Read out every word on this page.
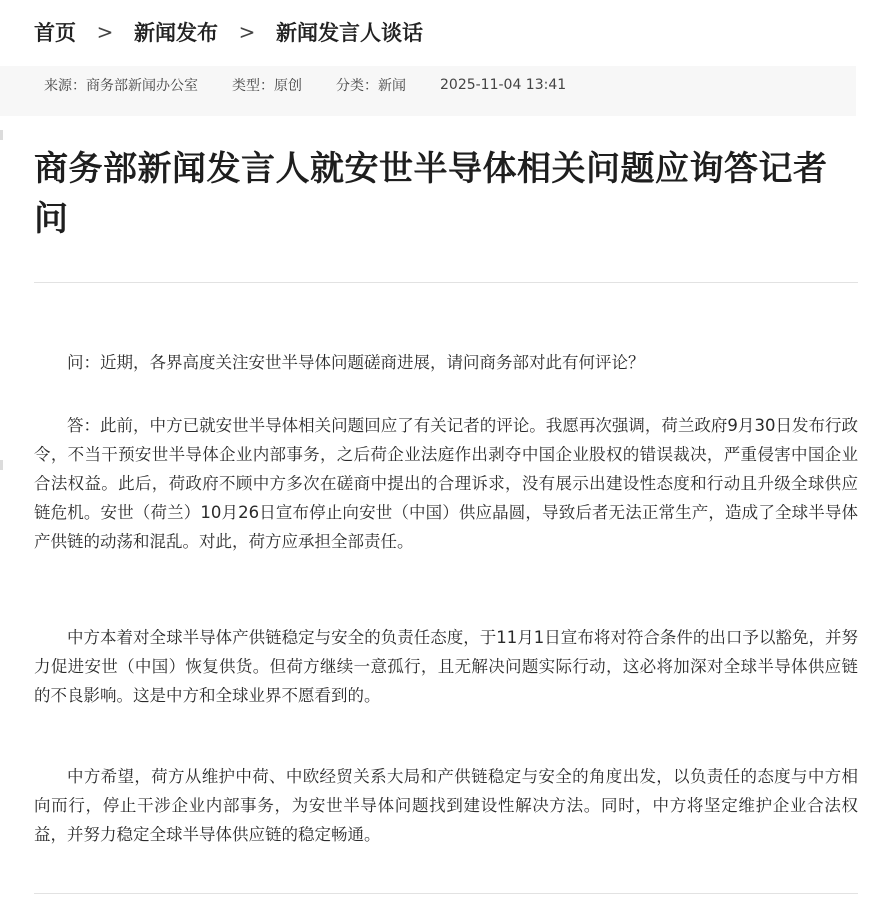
首页	> 新闻发布	> 新闻发言人谈话
来源：商务部新闻办公室 类型：原创 分类：新闻 2025-11-04 13:41
商务部新闻发言人就安世半导体相关问题应询答记者问

问：近期，各界高度关注安世半导体问题磋商进展，请问商务部对此有何评论？

答：此前，中方已就安世半导体相关问题回应了有关记者的评论。我愿再次强调，荷兰政府9月30日发布行政令，不当干预安世半导体企业内部事务，之后荷企业法庭作出剥夺中国企业股权的错误裁决，严重侵害中国企业合法权益。此后，荷政府不顾中方多次在磋商中提出的合理诉求，没有展示出建设性态度和行动且升级全球供应链危机。安世（荷兰）10月26日宣布停止向安世（中国）供应晶圆，导致后者无法正常生产，造成了全球半导体产供链的动荡和混乱。对此，荷方应承担全部责任。

中方本着对全球半导体产供链稳定与安全的负责任态度，于11月1日宣布将对符合条件的出口予以豁免，并努力促进安世（中国）恢复供货。但荷方继续一意孤行，且无解决问题实际行动，这必将加深对全球半导体供应链的不良影响。这是中方和全球业界不愿看到的。

中方希望，荷方从维护中荷、中欧经贸关系大局和产供链稳定与安全的角度出发，以负责任的态度与中方相向而行，停止干涉企业内部事务，为安世半导体问题找到建设性解决方法。同时，中方将坚定维护企业合法权益，并努力稳定全球半导体供应链的稳定畅通。
